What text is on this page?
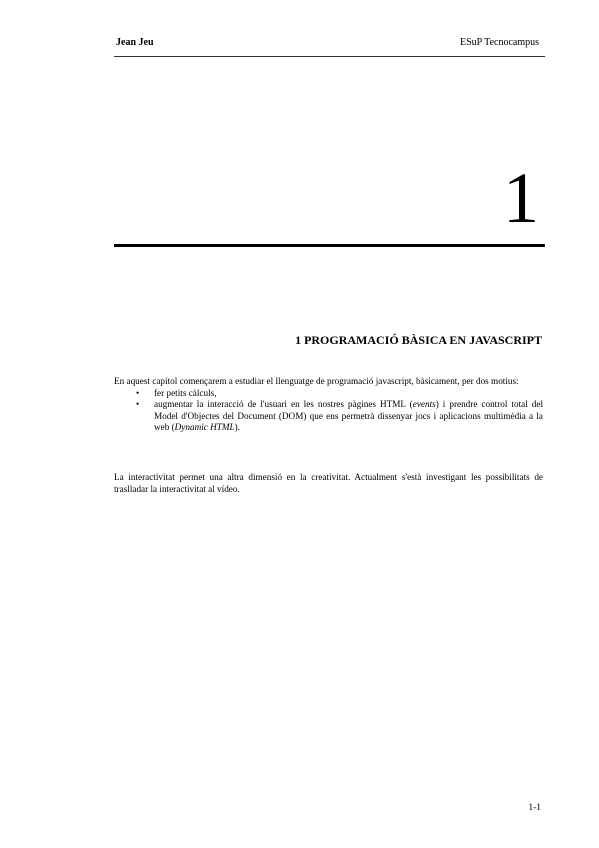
Jean Jeu	ESuP Tecnocampus
1
1 PROGRAMACIÓ BÀSICA EN JAVASCRIPT
En aquest capítol començarem a estudiar el llenguatge de programació javascript, bàsicament, per dos motius:
• fer petits càlculs,
• augmentar la interacció de l'usuari en les nostres pàgines HTML (events) i prendre control total del Model d'Objectes del Document (DOM) que ens permetrà dissenyar jocs i aplicacions multimèdia a la web (Dynamic HTML).
La interactivitat permet una altra dimensió en la creativitat. Actualment s'està investigant les possibilitats de traslladar la interactivitat al vídeo.
1-1
